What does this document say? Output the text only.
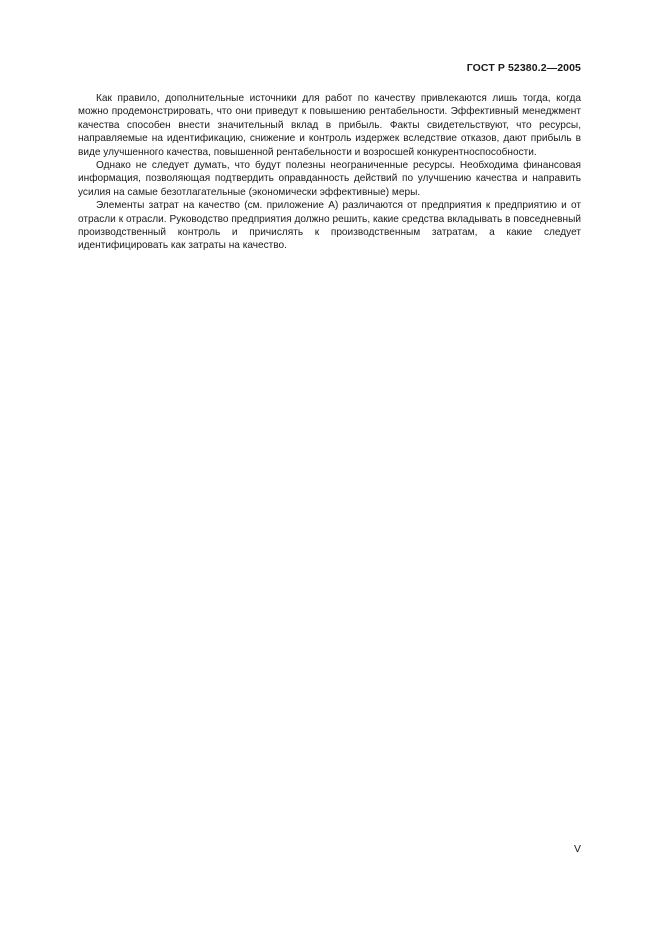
ГОСТ Р 52380.2—2005

Как правило, дополнительные источники для работ по качеству привлекаются лишь тогда, когда можно продемонстрировать, что они приведут к повышению рентабельности. Эффективный менеджмент качества способен внести значительный вклад в прибыль. Факты свидетельствуют, что ресурсы, направляемые на идентификацию, снижение и контроль издержек вследствие отказов, дают прибыль в виде улучшенного качества, повышенной рентабельности и возросшей конкурентноспособности.

Однако не следует думать, что будут полезны неограниченные ресурсы. Необходима финансовая информация, позволяющая подтвердить оправданность действий по улучшению качества и направить усилия на самые безотлагательные (экономически эффективные) меры.

Элементы затрат на качество (см. приложение А) различаются от предприятия к предприятию и от отрасли к отрасли. Руководство предприятия должно решить, какие средства вкладывать в повседневный производственный контроль и причислять к производственным затратам, а какие следует идентифицировать как затраты на качество.

V
